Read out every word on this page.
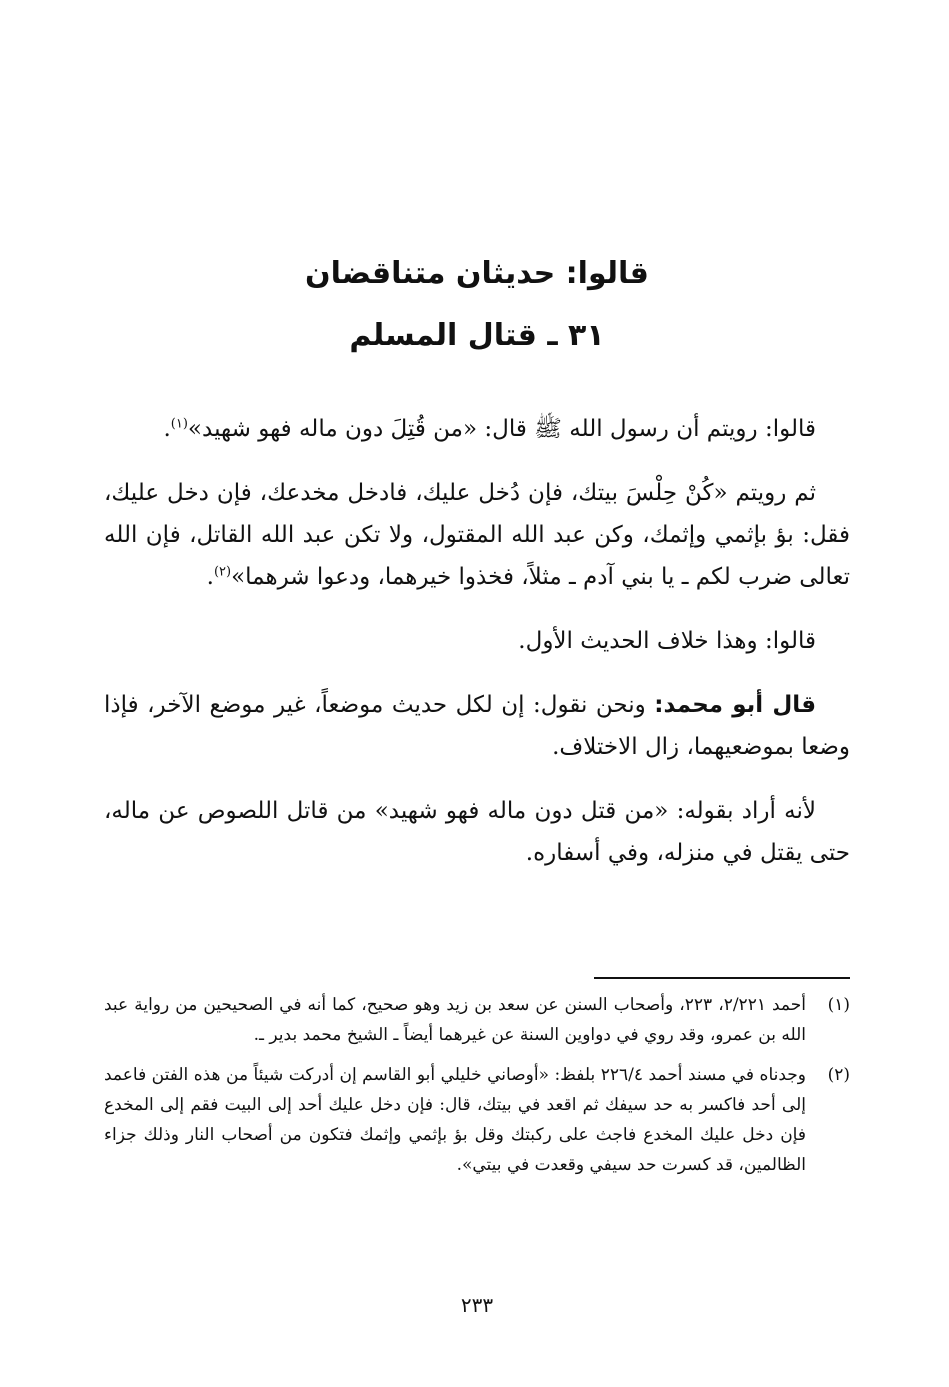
قالوا: حديثان متناقضان
٣١ ـ قتال المسلم

قالوا: رويتم أن رسول الله ﷺ قال: «من قُتِلَ دون ماله فهو شهيد»$^{(١)}$.

ثم رويتم «كُنْ حِلْسَ بيتك، فإن دُخل عليك، فادخل مخدعك، فإن دخل عليك، فقل: بؤ بإثمي وإثمك، وكن عبد الله المقتول، ولا تكن عبد الله القاتل، فإن الله تعالى ضرب لكم ـ يا بني آدم ـ مثلاً، فخذوا خيرهما، ودعوا شرهما»$^{(٢)}$.

قالوا: وهذا خلاف الحديث الأول.

قال أبو محمد: ونحن نقول: إن لكل حديث موضعاً، غير موضع الآخر، فإذا وضعا بموضعيهما، زال الاختلاف.

لأنه أراد بقوله: «من قتل دون ماله فهو شهيد» من قاتل اللصوص عن ماله، حتى يقتل في منزله، وفي أسفاره.

(١)
أحمد ٢/٢٢١، ٢٢٣، وأصحاب السنن عن سعد بن زيد وهو صحيح، كما أنه في الصحيحين من رواية عبد الله بن عمرو، وقد روي في دواوين السنة عن غيرهما أيضاً ـ الشيخ محمد بدير ـ.
(٢)
وجدناه في مسند أحمد ٢٢٦/٤ بلفظ: «أوصاني خليلي أبو القاسم إن أدركت شيئاً من هذه الفتن فاعمد إلى أحد فاكسر به حد سيفك ثم اقعد في بيتك، قال: فإن دخل عليك أحد إلى البيت فقم إلى المخدع فإن دخل عليك المخدع فاجث على ركبتك وقل بؤ بإثمي وإثمك فتكون من أصحاب النار وذلك جزاء الظالمين، قد كسرت حد سيفي وقعدت في بيتي».

٢٣٣
